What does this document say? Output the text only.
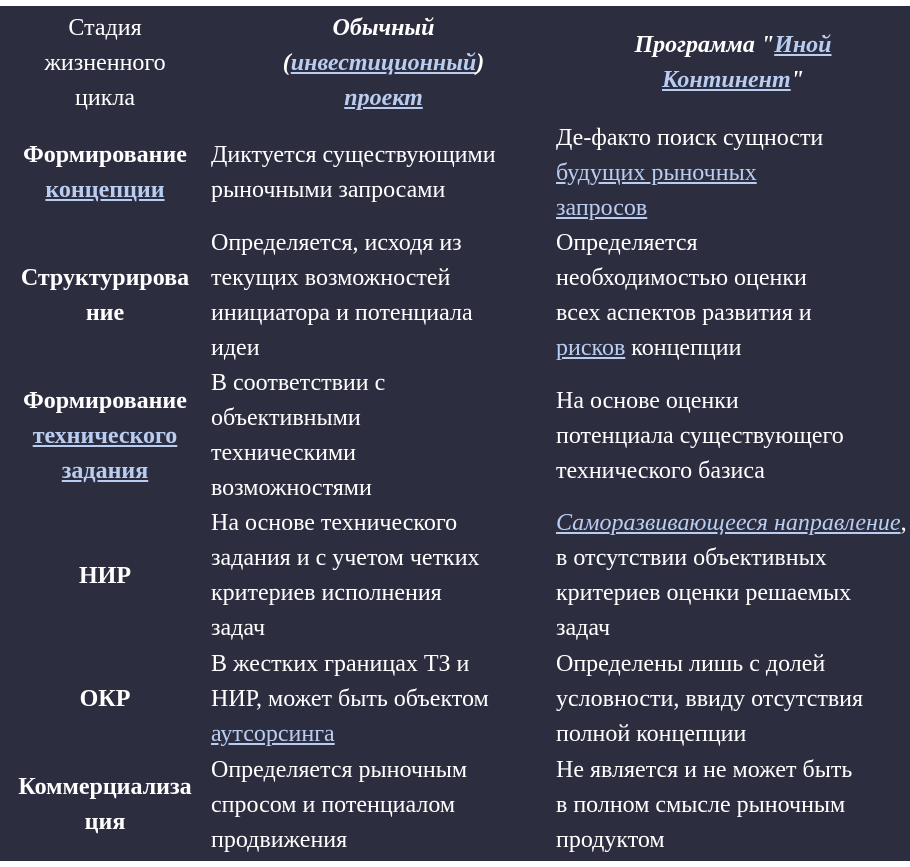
Стадия
жизненного
цикла
Обычный
(инвестиционный)
проект
Программа "Иной
Континент"
Формирование
концепции
Диктуется существующими
рыночными запросами
Де-факто поиск сущности
будущих рыночных
запросов
Структурирова
ние
Определяется, исходя из
текущих возможностей
инициатора и потенциала
идеи
Определяется
необходимостью оценки
всех аспектов развития и
рисков концепции
Формирование
технического
задания
В соответствии с
объективными
техническими
возможностями
На основе оценки
потенциала существующего
технического базиса
НИР
На основе технического
задания и с учетом четких
критериев исполнения
задач
Саморазвивающееся направление,
в отсутствии объективных
критериев оценки решаемых
задач
ОКР
В жестких границах ТЗ и
НИР, может быть объектом
аутсорсинга
Определены лишь с долей
условности, ввиду отсутствия
полной концепции
Коммерциализа
ция
Определяется рыночным
спросом и потенциалом
продвижения
Не является и не может быть
в полном смысле рыночным
продуктом
